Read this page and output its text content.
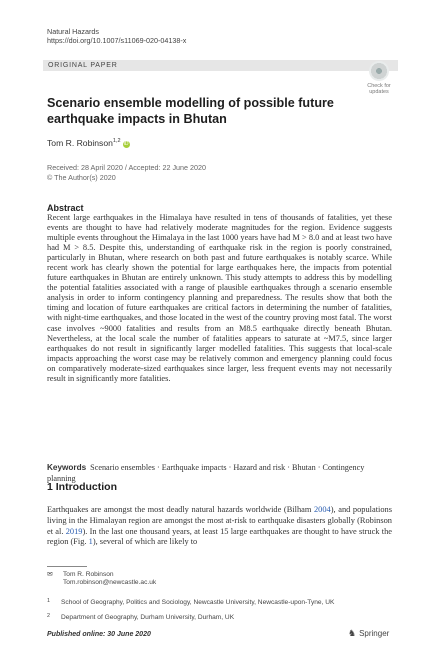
Natural Hazards
https://doi.org/10.1007/s11069-020-04138-x
ORIGINAL PAPER
Check for
updates
Scenario ensemble modelling of possible future earthquake impacts in Bhutan
Tom R. Robinson$^{1,2}$ iD
Received: 28 April 2020 / Accepted: 22 June 2020
© The Author(s) 2020
Abstract
Recent large earthquakes in the Himalaya have resulted in tens of thousands of fatalities, yet these events are thought to have had relatively moderate magnitudes for the region. Evidence suggests multiple events throughout the Himalaya in the last 1000 years have had M > 8.0 and at least two have had M > 8.5. Despite this, understanding of earthquake risk in the region is poorly constrained, particularly in Bhutan, where research on both past and future earthquakes is notably scarce. While recent work has clearly shown the potential for large earthquakes here, the impacts from potential future earthquakes in Bhutan are entirely unknown. This study attempts to address this by modelling the potential fatalities associated with a range of plausible earthquakes through a scenario ensemble analysis in order to inform contingency planning and preparedness. The results show that both the timing and location of future earthquakes are critical factors in determining the number of fatalities, with night-time earthquakes, and those located in the west of the country proving most fatal. The worst case involves ~9000 fatalities and results from an M8.5 earthquake directly beneath Bhutan. Nevertheless, at the local scale the number of fatalities appears to saturate at ~M7.5, since larger earthquakes do not result in significantly larger modelled fatalities. This suggests that local-scale impacts approaching the worst case may be relatively common and emergency planning could focus on comparatively moderate-sized earthquakes since larger, less frequent events may not necessarily result in significantly more fatalities.
Keywords Scenario ensembles · Earthquake impacts · Hazard and risk · Bhutan · Contingency planning
1 Introduction
Earthquakes are amongst the most deadly natural hazards worldwide (Bilham 2004), and populations living in the Himalayan region are amongst the most at-risk to earthquake disasters globally (Robinson et al. 2019). In the last one thousand years, at least 15 large earthquakes are thought to have struck the region (Fig. 1), several of which are likely to
✉ Tom R. Robinson
Tom.robinson@newcastle.ac.uk
$^1$ School of Geography, Politics and Sociology, Newcastle University, Newcastle-upon-Tyne, UK
$^2$ Department of Geography, Durham University, Durham, UK
Published online: 30 June 2020	♞ Springer
